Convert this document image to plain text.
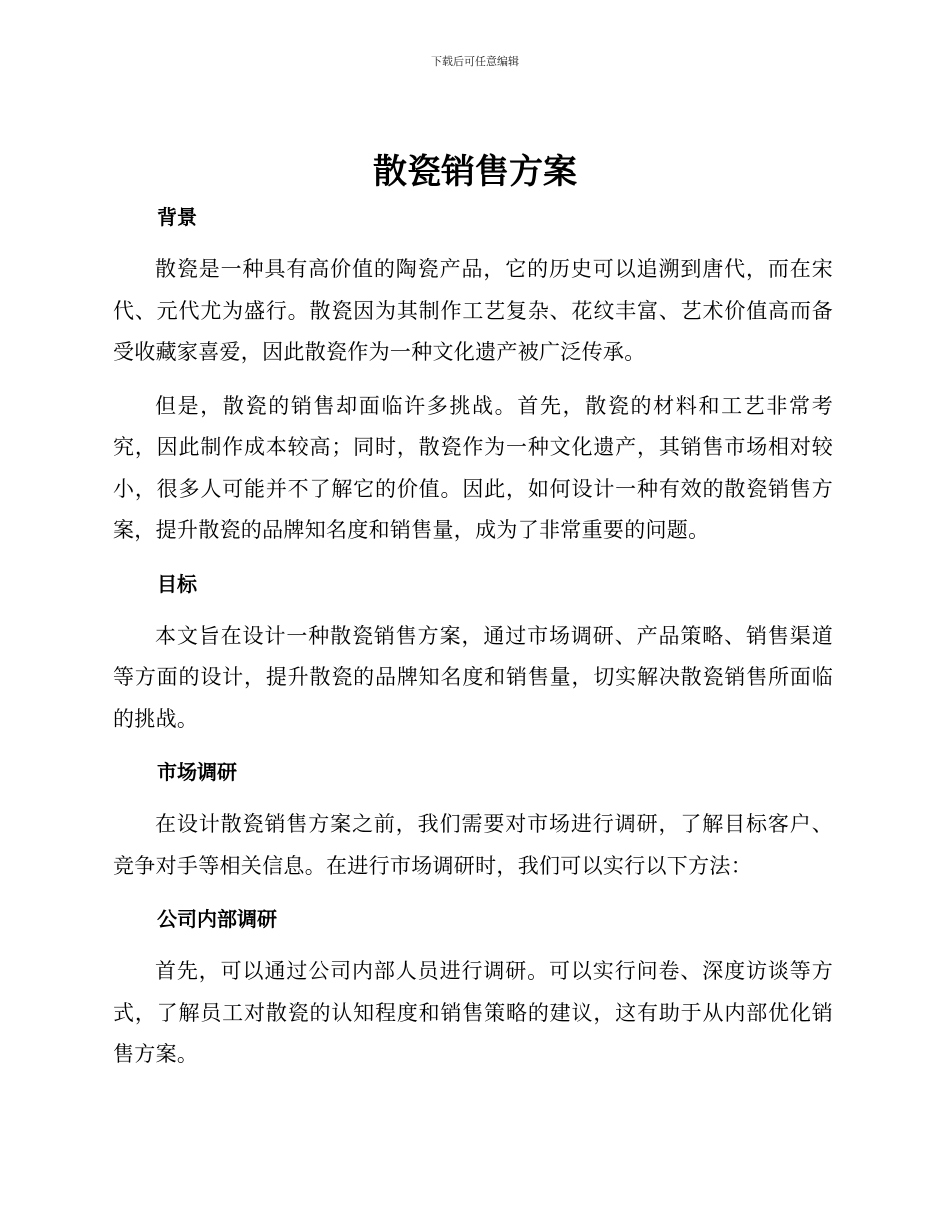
下载后可任意编辑
散瓷销售方案
背景

散瓷是一种具有高价值的陶瓷产品，它的历史可以追溯到唐代，而在宋代、元代尤为盛行。散瓷因为其制作工艺复杂、花纹丰富、艺术价值高而备受收藏家喜爱，因此散瓷作为一种文化遗产被广泛传承。

但是，散瓷的销售却面临许多挑战。首先，散瓷的材料和工艺非常考究，因此制作成本较高；同时，散瓷作为一种文化遗产，其销售市场相对较小，很多人可能并不了解它的价值。因此，如何设计一种有效的散瓷销售方案，提升散瓷的品牌知名度和销售量，成为了非常重要的问题。

目标

本文旨在设计一种散瓷销售方案，通过市场调研、产品策略、销售渠道等方面的设计，提升散瓷的品牌知名度和销售量，切实解决散瓷销售所面临的挑战。

市场调研

在设计散瓷销售方案之前，我们需要对市场进行调研，了解目标客户、竞争对手等相关信息。在进行市场调研时，我们可以实行以下方法：

公司内部调研

首先，可以通过公司内部人员进行调研。可以实行问卷、深度访谈等方式，了解员工对散瓷的认知程度和销售策略的建议，这有助于从内部优化销售方案。
